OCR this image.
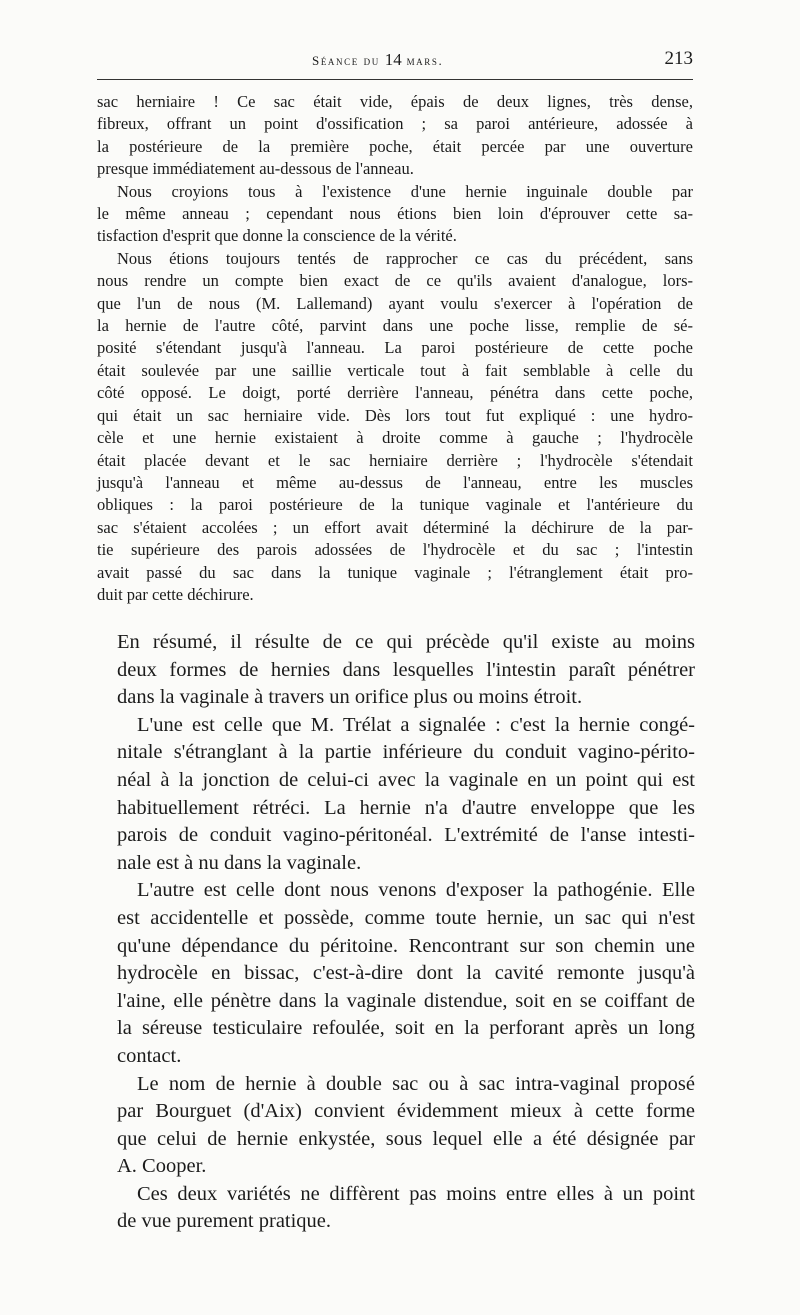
Séance du 14 mars.	213
sac herniaire ! Ce sac était vide, épais de deux lignes, très dense,
fibreux, offrant un point d'ossification ; sa paroi antérieure, adossée à
la postérieure de la première poche, était percée par une ouverture
presque immédiatement au-dessous de l'anneau.
Nous croyions tous à l'existence d'une hernie inguinale double par
le même anneau ; cependant nous étions bien loin d'éprouver cette sa-
tisfaction d'esprit que donne la conscience de la vérité.
Nous étions toujours tentés de rapprocher ce cas du précédent, sans
nous rendre un compte bien exact de ce qu'ils avaient d'analogue, lors-
que l'un de nous (M. Lallemand) ayant voulu s'exercer à l'opération de
la hernie de l'autre côté, parvint dans une poche lisse, remplie de sé-
posité s'étendant jusqu'à l'anneau. La paroi postérieure de cette poche
était soulevée par une saillie verticale tout à fait semblable à celle du
côté opposé. Le doigt, porté derrière l'anneau, pénétra dans cette poche,
qui était un sac herniaire vide. Dès lors tout fut expliqué : une hydro-
cèle et une hernie existaient à droite comme à gauche ; l'hydrocèle
était placée devant et le sac herniaire derrière ; l'hydrocèle s'étendait
jusqu'à l'anneau et même au-dessus de l'anneau, entre les muscles
obliques : la paroi postérieure de la tunique vaginale et l'antérieure du
sac s'étaient accolées ; un effort avait déterminé la déchirure de la par-
tie supérieure des parois adossées de l'hydrocèle et du sac ; l'intestin
avait passé du sac dans la tunique vaginale ; l'étranglement était pro-
duit par cette déchirure.
En résumé, il résulte de ce qui précède qu'il existe au moins
deux formes de hernies dans lesquelles l'intestin paraît pénétrer
dans la vaginale à travers un orifice plus ou moins étroit.
L'une est celle que M. Trélat a signalée : c'est la hernie congé-
nitale s'étranglant à la partie inférieure du conduit vagino-périto-
néal à la jonction de celui-ci avec la vaginale en un point qui est
habituellement rétréci. La hernie n'a d'autre enveloppe que les
parois de conduit vagino-péritonéal. L'extrémité de l'anse intesti-
nale est à nu dans la vaginale.
L'autre est celle dont nous venons d'exposer la pathogénie. Elle
est accidentelle et possède, comme toute hernie, un sac qui n'est
qu'une dépendance du péritoine. Rencontrant sur son chemin une
hydrocèle en bissac, c'est-à-dire dont la cavité remonte jusqu'à
l'aine, elle pénètre dans la vaginale distendue, soit en se coiffant de
la séreuse testiculaire refoulée, soit en la perforant après un long
contact.
Le nom de hernie à double sac ou à sac intra-vaginal proposé
par Bourguet (d'Aix) convient évidemment mieux à cette forme
que celui de hernie enkystée, sous lequel elle a été désignée par
A. Cooper.
Ces deux variétés ne diffèrent pas moins entre elles à un point
de vue purement pratique.
